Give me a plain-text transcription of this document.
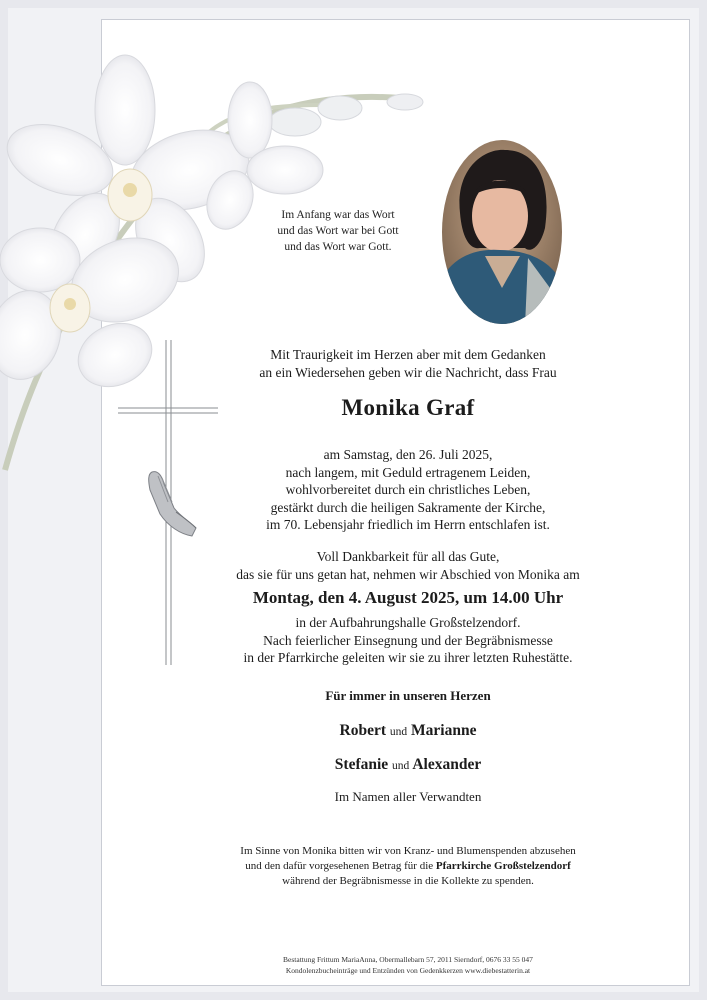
Im Anfang war das Wort
und das Wort war bei Gott
und das Wort war Gott.
Mit Traurigkeit im Herzen aber mit dem Gedanken
an ein Wiedersehen geben wir die Nachricht, dass Frau
Monika Graf
am Samstag, den 26. Juli 2025,
nach langem, mit Geduld ertragenem Leiden,
wohlvorbereitet durch ein christliches Leben,
gestärkt durch die heiligen Sakramente der Kirche,
im 70. Lebensjahr friedlich im Herrn entschlafen ist.
Voll Dankbarkeit für all das Gute,
das sie für uns getan hat, nehmen wir Abschied von Monika am
Montag, den 4. August 2025, um 14.00 Uhr
in der Aufbahrungshalle Großstelzendorf.
Nach feierlicher Einsegnung und der Begräbnismesse
in der Pfarrkirche geleiten wir sie zu ihrer letzten Ruhestätte.
Für immer in unseren Herzen
Robert und Marianne
Stefanie und Alexander
Im Namen aller Verwandten
Im Sinne von Monika bitten wir von Kranz- und Blumenspenden abzusehen
und den dafür vorgesehenen Betrag für die Pfarrkirche Großstelzendorf
während der Begräbnismesse in die Kollekte zu spenden.
Bestattung Frittum MariaAnna, Obermallebarn 57, 2011 Sierndorf, 0676 33 55 047
Kondolenzbucheinträge und Entzünden von Gedenkkerzen www.diebestatterin.at
